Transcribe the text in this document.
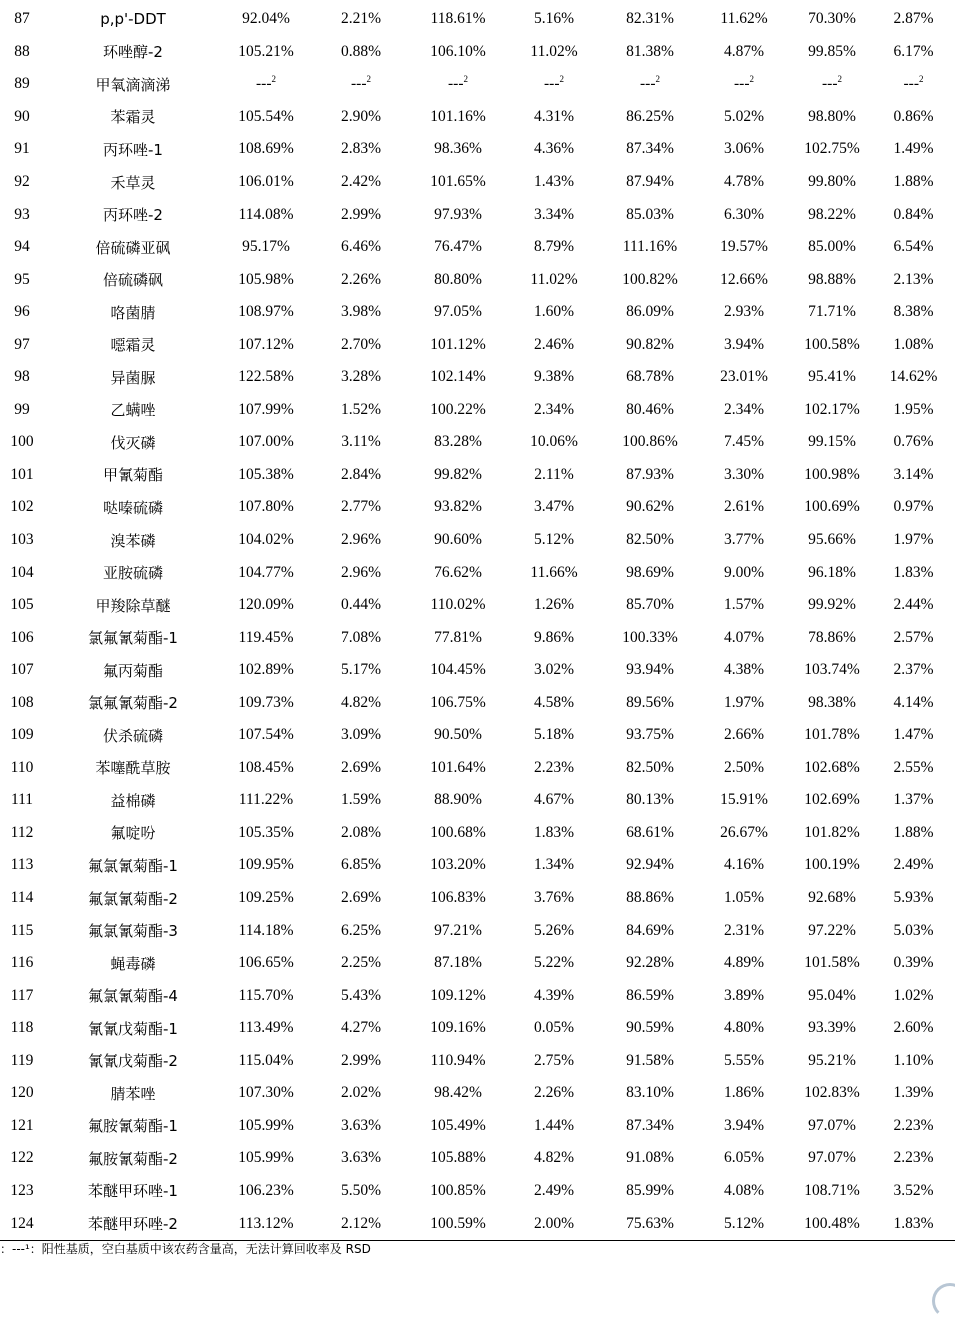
87	p,p'-DDT	92.04%	2.21%	118.61%	5.16%	82.31%	11.62%	70.30%	2.87%
88	环唑醇-2	105.21%	0.88%	106.10%	11.02%	81.38%	4.87%	99.85%	6.17%
89	甲氧滴滴涕	---$^2$	---$^2$	---$^2$	---$^2$	---$^2$	---$^2$	---$^2$	---$^2$
90	苯霜灵	105.54%	2.90%	101.16%	4.31%	86.25%	5.02%	98.80%	0.86%
91	丙环唑-1	108.69%	2.83%	98.36%	4.36%	87.34%	3.06%	102.75%	1.49%
92	禾草灵	106.01%	2.42%	101.65%	1.43%	87.94%	4.78%	99.80%	1.88%
93	丙环唑-2	114.08%	2.99%	97.93%	3.34%	85.03%	6.30%	98.22%	0.84%
94	倍硫磷亚砜	95.17%	6.46%	76.47%	8.79%	111.16%	19.57%	85.00%	6.54%
95	倍硫磷砜	105.98%	2.26%	80.80%	11.02%	100.82%	12.66%	98.88%	2.13%
96	咯菌腈	108.97%	3.98%	97.05%	1.60%	86.09%	2.93%	71.71%	8.38%
97	噁霜灵	107.12%	2.70%	101.12%	2.46%	90.82%	3.94%	100.58%	1.08%
98	异菌脲	122.58%	3.28%	102.14%	9.38%	68.78%	23.01%	95.41%	14.62%
99	乙螨唑	107.99%	1.52%	100.22%	2.34%	80.46%	2.34%	102.17%	1.95%
100	伐灭磷	107.00%	3.11%	83.28%	10.06%	100.86%	7.45%	99.15%	0.76%
101	甲氰菊酯	105.38%	2.84%	99.82%	2.11%	87.93%	3.30%	100.98%	3.14%
102	哒嗪硫磷	107.80%	2.77%	93.82%	3.47%	90.62%	2.61%	100.69%	0.97%
103	溴苯磷	104.02%	2.96%	90.60%	5.12%	82.50%	3.77%	95.66%	1.97%
104	亚胺硫磷	104.77%	2.96%	76.62%	11.66%	98.69%	9.00%	96.18%	1.83%
105	甲羧除草醚	120.09%	0.44%	110.02%	1.26%	85.70%	1.57%	99.92%	2.44%
106	氯氟氰菊酯-1	119.45%	7.08%	77.81%	9.86%	100.33%	4.07%	78.86%	2.57%
107	氟丙菊酯	102.89%	5.17%	104.45%	3.02%	93.94%	4.38%	103.74%	2.37%
108	氯氟氰菊酯-2	109.73%	4.82%	106.75%	4.58%	89.56%	1.97%	98.38%	4.14%
109	伏杀硫磷	107.54%	3.09%	90.50%	5.18%	93.75%	2.66%	101.78%	1.47%
110	苯噻酰草胺	108.45%	2.69%	101.64%	2.23%	82.50%	2.50%	102.68%	2.55%
111	益棉磷	111.22%	1.59%	88.90%	4.67%	80.13%	15.91%	102.69%	1.37%
112	氟啶吩	105.35%	2.08%	100.68%	1.83%	68.61%	26.67%	101.82%	1.88%
113	氟氯氰菊酯-1	109.95%	6.85%	103.20%	1.34%	92.94%	4.16%	100.19%	2.49%
114	氟氯氰菊酯-2	109.25%	2.69%	106.83%	3.76%	88.86%	1.05%	92.68%	5.93%
115	氟氯氰菊酯-3	114.18%	6.25%	97.21%	5.26%	84.69%	2.31%	97.22%	5.03%
116	蝇毒磷	106.65%	2.25%	87.18%	5.22%	92.28%	4.89%	101.58%	0.39%
117	氟氯氰菊酯-4	115.70%	5.43%	109.12%	4.39%	86.59%	3.89%	95.04%	1.02%
118	氰氰戊菊酯-1	113.49%	4.27%	109.16%	0.05%	90.59%	4.80%	93.39%	2.60%
119	氰氰戊菊酯-2	115.04%	2.99%	110.94%	2.75%	91.58%	5.55%	95.21%	1.10%
120	腈苯唑	107.30%	2.02%	98.42%	2.26%	83.10%	1.86%	102.83%	1.39%
121	氟胺氰菊酯-1	105.99%	3.63%	105.49%	1.44%	87.34%	3.94%	97.07%	2.23%
122	氟胺氰菊酯-2	105.99%	3.63%	105.88%	4.82%	91.08%	6.05%	97.07%	2.23%
123	苯醚甲环唑-1	106.23%	5.50%	100.85%	2.49%	85.99%	4.08%	108.71%	3.52%
124	苯醚甲环唑-2	113.12%	2.12%	100.59%	2.00%	75.63%	5.12%	100.48%	1.83%
：---¹：阳性基质，空白基质中该农药含量高，无法计算回收率及 RSD
